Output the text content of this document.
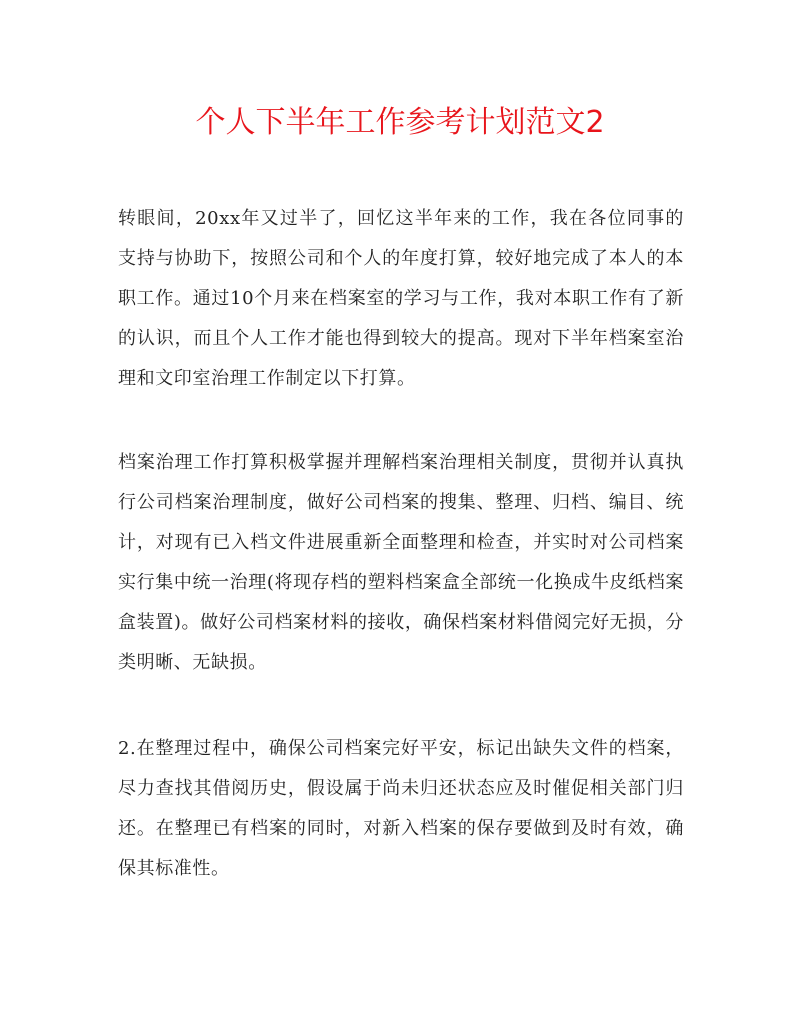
个人下半年工作参考计划范文2

转眼间，20xx年又过半了，回忆这半年来的工作，我在各位同事的支持与协助下，按照公司和个人的年度打算，较好地完成了本人的本职工作。通过10个月来在档案室的学习与工作，我对本职工作有了新的认识，而且个人工作才能也得到较大的提高。现对下半年档案室治理和文印室治理工作制定以下打算。

档案治理工作打算积极掌握并理解档案治理相关制度，贯彻并认真执行公司档案治理制度，做好公司档案的搜集、整理、归档、编目、统计，对现有已入档文件进展重新全面整理和检查，并实时对公司档案实行集中统一治理(将现存档的塑料档案盒全部统一化换成牛皮纸档案盒装置)。做好公司档案材料的接收，确保档案材料借阅完好无损，分类明晰、无缺损。

2.在整理过程中，确保公司档案完好平安，标记出缺失文件的档案，尽力查找其借阅历史，假设属于尚未归还状态应及时催促相关部门归还。在整理已有档案的同时，对新入档案的保存要做到及时有效，确保其标准性。
